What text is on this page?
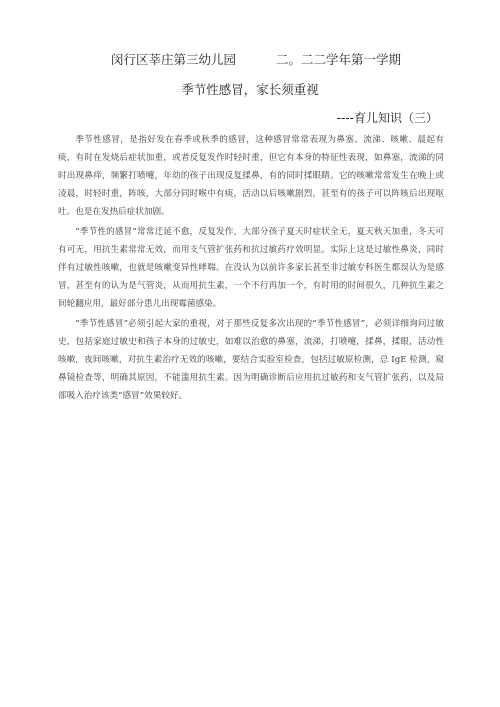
闵行区莘庄第三幼儿园	二。二二学年第一学期
季节性感冒，家长须重视
----育儿知识（三）

季节性感冒，是指好发在春季或秋季的感冒，这种感冒常常表现为鼻塞、流涕、咳嗽、晨起有痰，有时在发烧后症状加重，或者反复发作时轻时重，但它有本身的特征性表现，如鼻塞，流涕的同时出现鼻痒，频繁打喷嚏，年幼的孩子出现反复揉鼻，有的同时揉眼睛。它的咳嗽常常发生在晚上或凌晨，时轻时重，阵咳，大部分同时喉中有痰，活动以后咳嗽剧烈，甚至有的孩子可以阵咳后出现呕吐。也是在发热后症状加剧。

“季节性的感冒”常常迁延不愈，反复发作，大部分孩子夏天时症状全无，夏天秋天加重，冬天可有可无，用抗生素常常无效，而用支气管扩张药和抗过敏药疗效明显。实际上这是过敏性鼻炎，同时伴有过敏性咳嗽，也就是咳嗽变异性哮喘。在没认为以前许多家长甚至非过敏专科医生都误认为是感冒，甚至有的认为是气管炎，从而用抗生素，一个不行再加一个，有时用的时间很久，几种抗生素之间轮翻应用，最好部分患儿出现霉菌感染。

“季节性感冒”必须引起大家的重视，对于那些反复多次出现的“季节性感冒”，必须详细询问过敏史，包括家庭过敏史和孩子本身的过敏史，如难以治愈的鼻塞，流涕，打喷嚏，揉鼻，揉眼，活动性咳嗽，夜间咳嗽，对抗生素治疗无效的咳嗽，要结合实验室检查，包括过敏原检测，总 IgE 检测，窥鼻镜检查等，明确其原因，不能滥用抗生素。因为明确诊断后应用抗过敏药和支气管扩张药，以及局部吸入治疗该类“感冒”效果较好。
